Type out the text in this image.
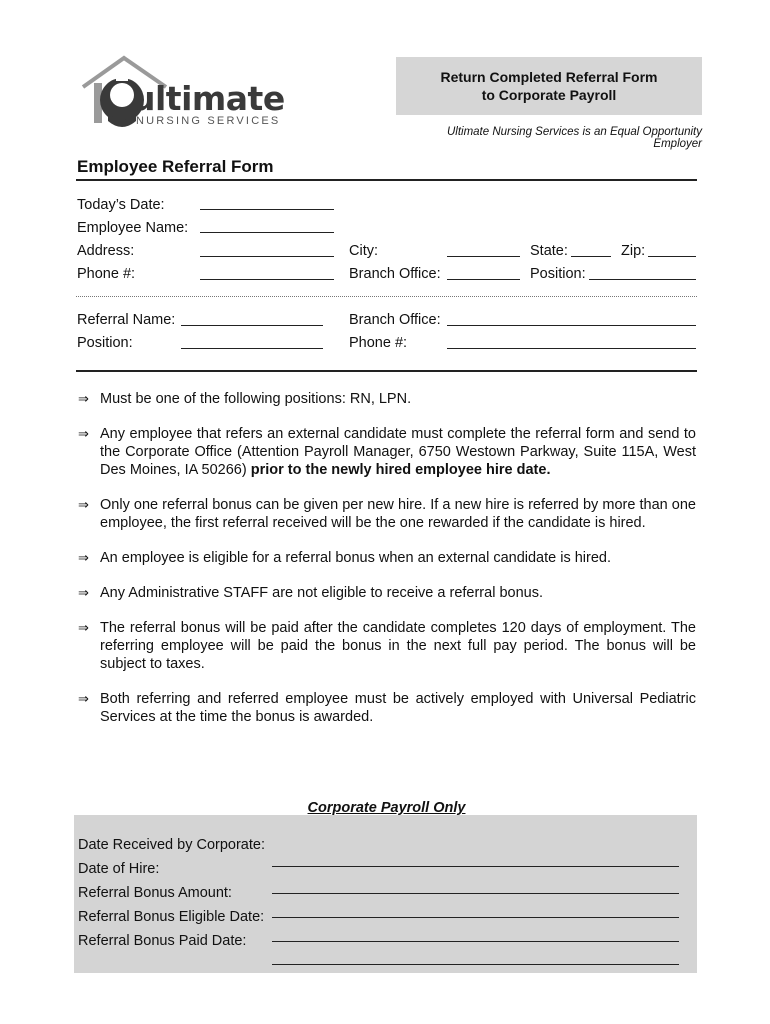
ultimate
NURSING SERVICES
Return Completed Referral Form to Corporate Payroll
Ultimate Nursing Services is an Equal Opportunity Employer
Employee Referral Form
Today’s Date:
Employee Name:
Address:	City:	State:	Zip:
Phone #:	Branch Office:	Position:
Referral Name:	Branch Office:
Position:	Phone #:
⇒ Must be one of the following positions: RN, LPN.
⇒ Any employee that refers an external candidate must complete the referral form and send to the Corporate Office (Attention Payroll Manager, 6750 Westown Parkway, Suite 115A, West Des Moines, IA 50266) prior to the newly hired employee hire date.
⇒ Only one referral bonus can be given per new hire. If a new hire is referred by more than one employee, the first referral received will be the one rewarded if the candidate is hired.
⇒ An employee is eligible for a referral bonus when an external candidate is hired.
⇒ Any Administrative STAFF are not eligible to receive a referral bonus.
⇒ The referral bonus will be paid after the candidate completes 120 days of employment. The referring employee will be paid the bonus in the next full pay period. The bonus will be subject to taxes.
⇒ Both referring and referred employee must be actively employed with Universal Pediatric Services at the time the bonus is awarded.
Corporate Payroll Only
Date Received by Corporate:
Date of Hire:
Referral Bonus Amount:
Referral Bonus Eligible Date:
Referral Bonus Paid Date:
